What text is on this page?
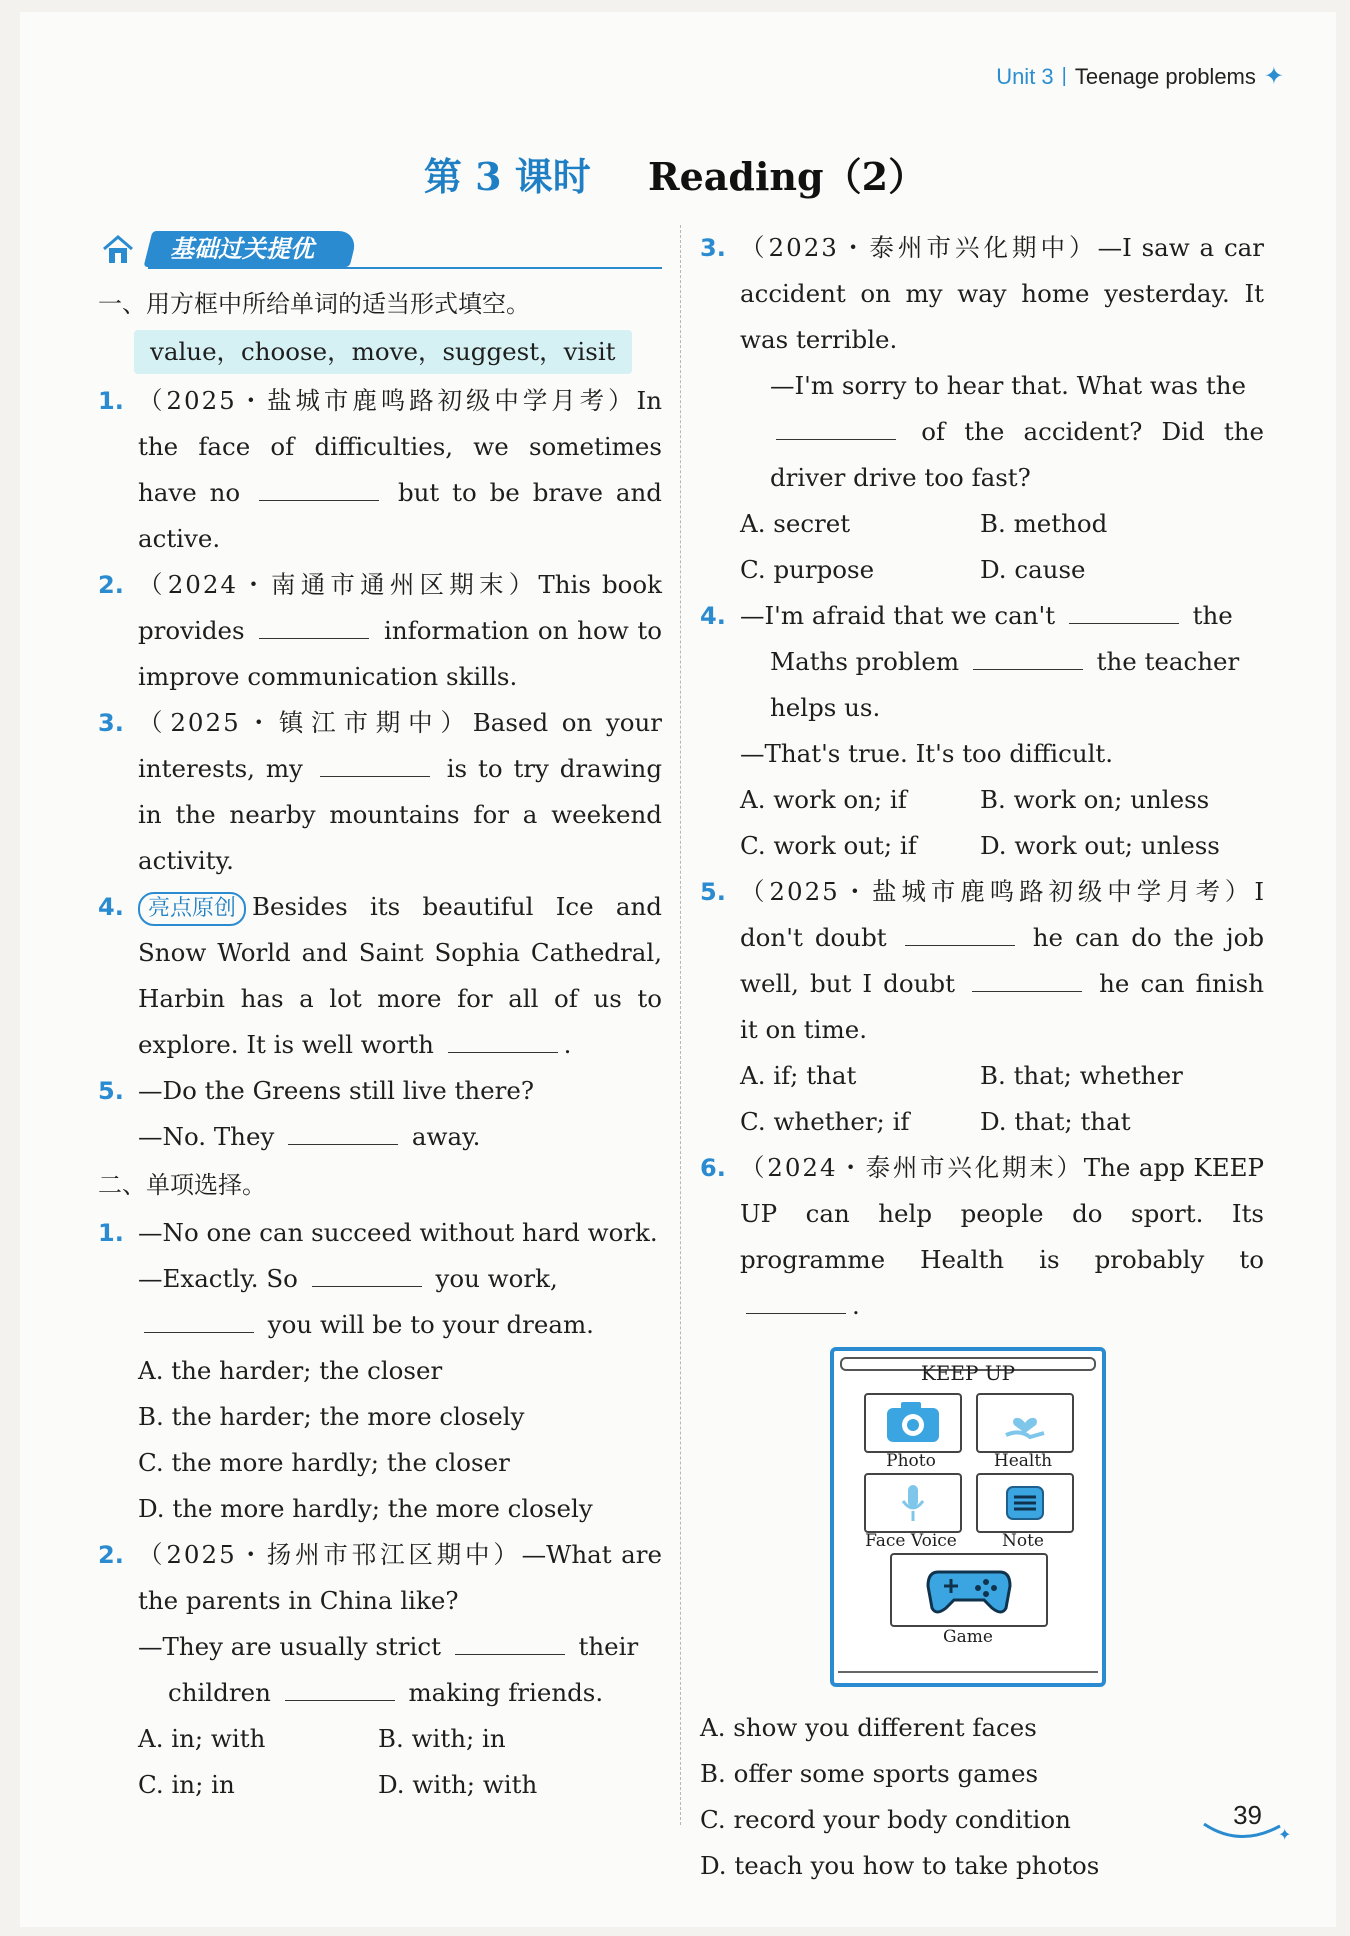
Unit 3 | Teenage problems ✦
第 3 课时 Reading（2）
基础过关提优
一、用方框中所给单词的适当形式填空。
value，choose，move，suggest，visit
1. （2025・盐城市鹿鸣路初级中学月考）In the face of difficulties, we sometimes have no	but to be brave and active.
2. （2024・南通市通州区期末）This book provides	information on how to improve communication skills.
3. （2025・镇江市期中）Based on your interests, my	is to try drawing in the nearby mountains for a weekend activity.
4.	亮点原创 Besides its beautiful Ice and Snow World and Saint Sophia Cathedral, Harbin has a lot more for all of us to explore. It is well worth	.
5. —Do the Greens still live there?
—No. They	away.
二、单项选择。
1. —No one can succeed without hard work.
—Exactly. So	you work,
you will be to your dream.
A. the harder; the closer
B. the harder; the more closely
C. the more hardly; the closer
D. the more hardly; the more closely
2. （2025・扬州市邗江区期中）—What are the parents in China like?
—They are usually strict	their
children	making friends.
A. in; with	B. with; in
C. in; in	D. with; with
3. （2023・泰州市兴化期中）—I saw a car accident on my way home yesterday. It was terrible.
—I'm sorry to hear that. What was the
of the accident? Did the driver drive too fast?
A. secret	B. method
C. purpose	D. cause
4. —I'm afraid that we can't	the
Maths problem	the teacher
helps us.
—That's true. It's too difficult.
A. work on; if	B. work on; unless
C. work out; if	D. work out; unless
5. （2025・盐城市鹿鸣路初级中学月考）I don't doubt	he can do the job well, but I doubt	he can finish it on time.
A. if; that	B. that; whether
C. whether; if	D. that; that
6. （2024・泰州市兴化期末）The app KEEP UP can help people do sport. Its programme Health is probably to .
KEEP UP
Photo	Health
Face Voice	Note
Game
A. show you different faces
B. offer some sports games
C. record your body condition
D. teach you how to take photos
39
✦
